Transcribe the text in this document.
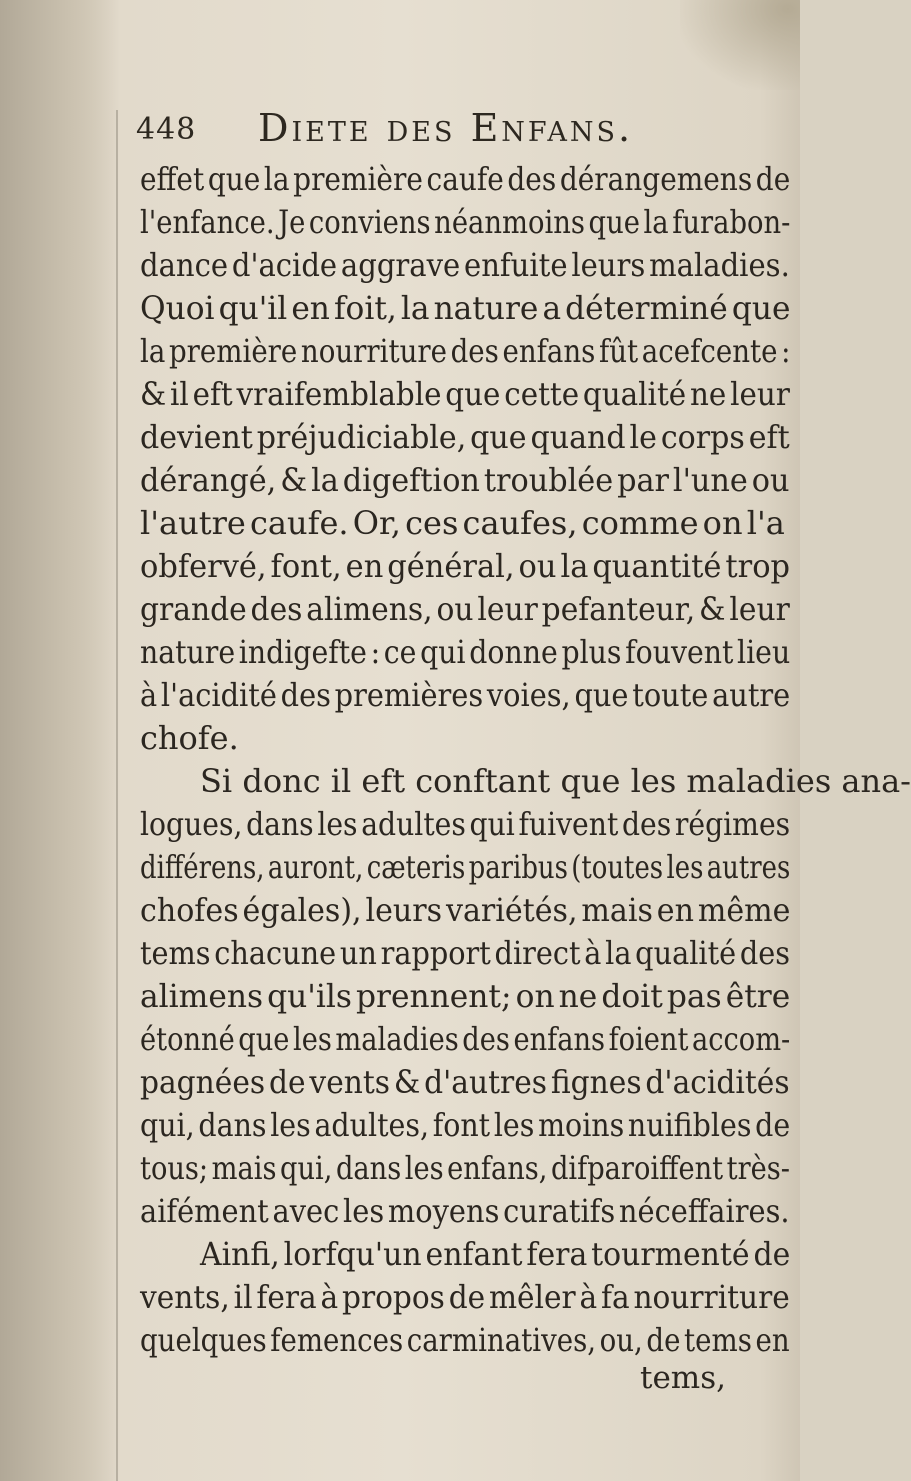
448 Diete des Enfans.
effet que la première caufe des dérangemens de
l'enfance. Je conviens néanmoins que la furabon-
dance d'acide aggrave enfuite leurs maladies.
Quoi qu'il en foit, la nature a déterminé que
la première nourriture des enfans fût acefcente :
& il eft vraifemblable que cette qualité ne leur
devient préjudiciable, que quand le corps eft
dérangé, & la digeftion troublée par l'une ou
l'autre caufe. Or, ces caufes, comme on l'a
obfervé, font, en général, ou la quantité trop
grande des alimens, ou leur pefanteur, & leur
nature indigefte : ce qui donne plus fouvent lieu
à l'acidité des premières voies, que toute autre
chofe.
Si donc il eft conftant que les maladies ana-
logues, dans les adultes qui fuivent des régimes
différens, auront, cæteris paribus (toutes les autres
chofes égales), leurs variétés, mais en même
tems chacune un rapport direct à la qualité des
alimens qu'ils prennent; on ne doit pas être
étonné que les maladies des enfans foient accom-
pagnées de vents & d'autres fignes d'acidités
qui, dans les adultes, font les moins nuifibles de
tous; mais qui, dans les enfans, difparoiffent très-
aifément avec les moyens curatifs néceffaires.
Ainfi, lorfqu'un enfant fera tourmenté de
vents, il fera à propos de mêler à fa nourriture
quelques femences carminatives, ou, de tems en
tems,
